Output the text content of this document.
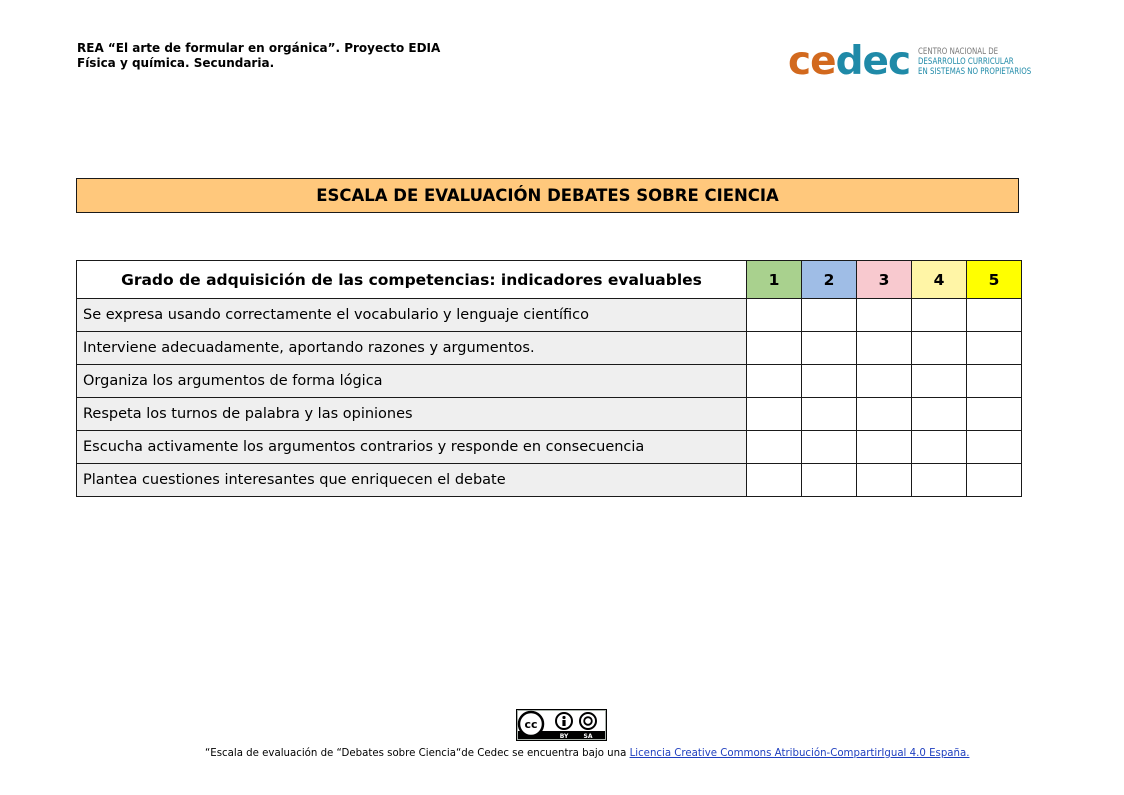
REA “El arte de formular en orgánica”. Proyecto EDIA
Física y química. Secundaria.	cedec CENTRO NACIONAL DE
DESARROLLO CURRICULAR
EN SISTEMAS NO PROPIETARIOS
ESCALA DE EVALUACIÓN DEBATES SOBRE CIENCIA
Grado de adquisición de las competencias: indicadores evaluables	1	2	3	4	5
Se expresa usando correctamente el vocabulario y lenguaje científico					
Interviene adecuadamente, aportando razones y argumentos.					
Organiza los argumentos de forma lógica					
Respeta los turnos de palabra y las opiniones					
Escucha activamente los argumentos contrarios y responde en consecuencia					
Plantea cuestiones interesantes que enriquecen el debate					
cc
BY	SA
“Escala de evaluación de “Debates sobre Ciencia“de Cedec se encuentra bajo una Licencia Creative Commons Atribución-CompartirIgual 4.0 España.
